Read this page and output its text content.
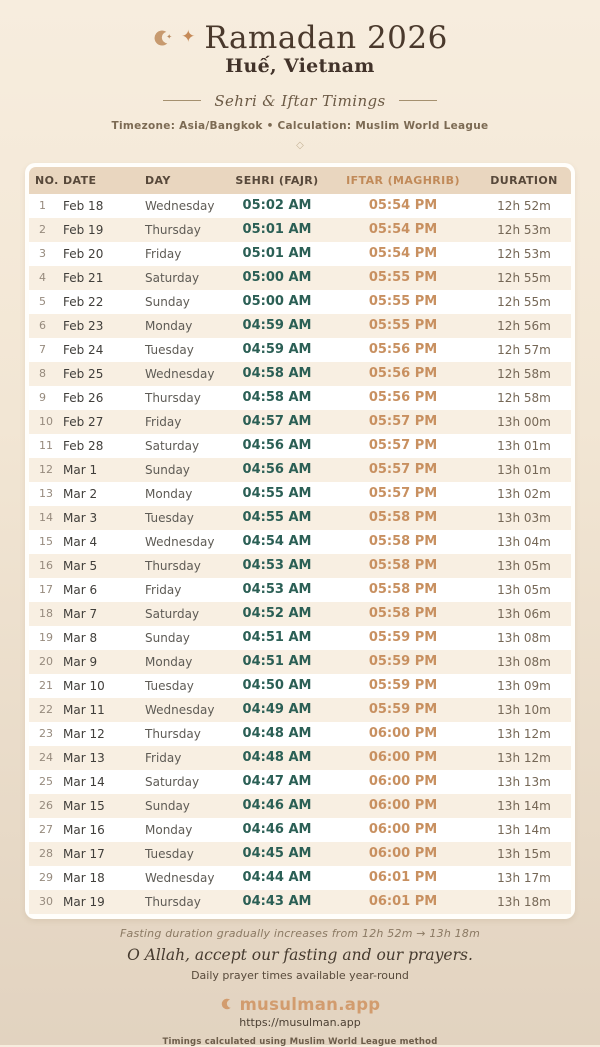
✦ ✦ Ramadan 2026
Huế, Vietnam
Sehri & Iftar Timings
Timezone: Asia/Bangkok • Calculation: Muslim World League
◇
NO. DATE	DAY	SEHRI (FAJR)	IFTAR (MAGHRIB)	DURATION
1	Feb 18	Wednesday	05:02 AM	05:54 PM	12h 52m
2	Feb 19	Thursday	05:01 AM	05:54 PM	12h 53m
3	Feb 20	Friday	05:01 AM	05:54 PM	12h 53m
4	Feb 21	Saturday	05:00 AM	05:55 PM	12h 55m
5	Feb 22	Sunday	05:00 AM	05:55 PM	12h 55m
6	Feb 23	Monday	04:59 AM	05:55 PM	12h 56m
7	Feb 24	Tuesday	04:59 AM	05:56 PM	12h 57m
8	Feb 25	Wednesday	04:58 AM	05:56 PM	12h 58m
9	Feb 26	Thursday	04:58 AM	05:56 PM	12h 58m
10 Feb 27	Friday	04:57 AM	05:57 PM	13h 00m
11 Feb 28	Saturday	04:56 AM	05:57 PM	13h 01m
12 Mar 1	Sunday	04:56 AM	05:57 PM	13h 01m
13 Mar 2	Monday	04:55 AM	05:57 PM	13h 02m
14 Mar 3	Tuesday	04:55 AM	05:58 PM	13h 03m
15 Mar 4	Wednesday	04:54 AM	05:58 PM	13h 04m
16 Mar 5	Thursday	04:53 AM	05:58 PM	13h 05m
17 Mar 6	Friday	04:53 AM	05:58 PM	13h 05m
18 Mar 7	Saturday	04:52 AM	05:58 PM	13h 06m
19 Mar 8	Sunday	04:51 AM	05:59 PM	13h 08m
20 Mar 9	Monday	04:51 AM	05:59 PM	13h 08m
21 Mar 10	Tuesday	04:50 AM	05:59 PM	13h 09m
22 Mar 11	Wednesday	04:49 AM	05:59 PM	13h 10m
23 Mar 12	Thursday	04:48 AM	06:00 PM	13h 12m
24 Mar 13	Friday	04:48 AM	06:00 PM	13h 12m
25 Mar 14	Saturday	04:47 AM	06:00 PM	13h 13m
26 Mar 15	Sunday	04:46 AM	06:00 PM	13h 14m
27 Mar 16	Monday	04:46 AM	06:00 PM	13h 14m
28 Mar 17	Tuesday	04:45 AM	06:00 PM	13h 15m
29 Mar 18	Wednesday	04:44 AM	06:01 PM	13h 17m
30 Mar 19	Thursday	04:43 AM	06:01 PM	13h 18m
Fasting duration gradually increases from 12h 52m → 13h 18m
O Allah, accept our fasting and our prayers.
Daily prayer times available year-round
musulman.app
https://musulman.app
Timings calculated using Muslim World League method
